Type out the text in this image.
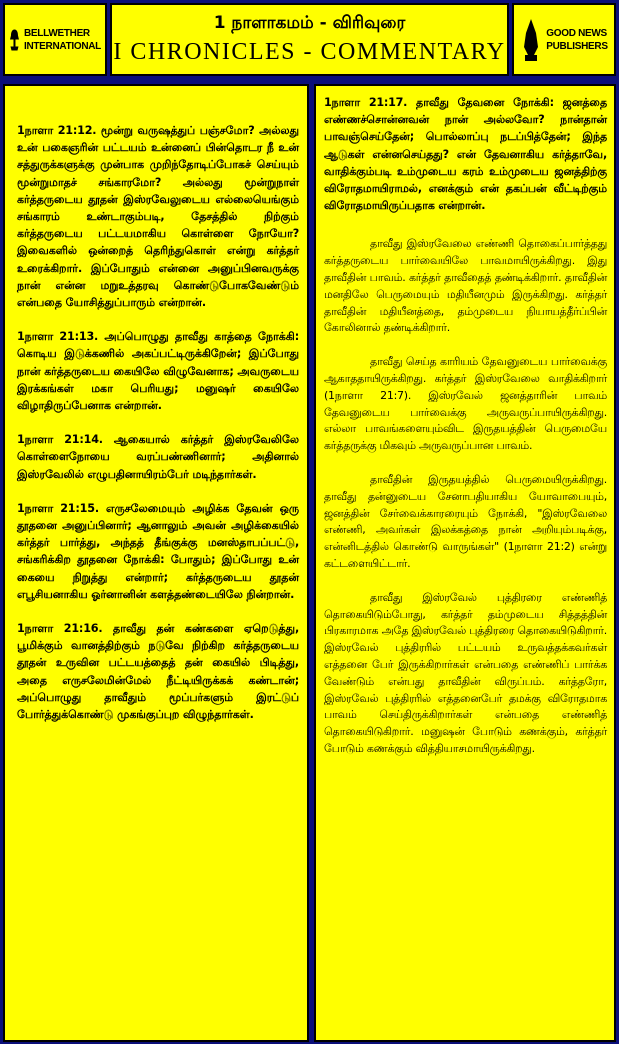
BELLWETHER
INTERNATIONAL
1 நாளாகமம் - விரிவுரை
I CHRONICLES - COMMENTARY
GOOD NEWS
PUBLISHERS

1நாளா 21:12. மூன்று வருஷத்துப் பஞ்சமோ? அல்லது உன் பகைஞரின் பட்டயம் உன்னைப் பின்தொடர நீ உன் சத்துருக்களுக்கு முன்பாக முறிந்தோடிப்போகச் செய்யும் மூன்றுமாதச் சங்காரமோ? அல்லது மூன்றுநாள் கர்த்தருடைய தூதன் இஸ்ரவேலுடைய எல்லையெங்கும் சங்காரம் உண்டாகும்படி, தேசத்தில் நிற்கும் கர்த்தருடைய பட்டயமாகிய கொள்ளை நோயோ? இவைகளில் ஒன்றைத் தெரிந்துகொள் என்று கர்த்தர் உரைக்கிறார். இப்போதும் என்னை அனுப்பினவருக்கு நான் என்ன மறுஉத்தரவு கொண்டுபோகவேண்டும் என்பதை யோசித்துப்பாரும் என்றான்.

1நாளா 21:13. அப்பொழுது தாவீது காத்தை நோக்கி: கொடிய இடுக்கணில் அகப்பட்டிருக்கிறேன்; இப்போது நான் கர்த்தருடைய கையிலே விழுவேனாக; அவருடைய இரக்கங்கள் மகா பெரியது; மனுஷர் கையிலே விழாதிருப்பேனாக என்றான்.

1நாளா 21:14. ஆகையால் கர்த்தர் இஸ்ரவேலிலே கொள்ளைநோயை வரப்பண்ணினார்; அதினால் இஸ்ரவேலில் எழுபதினாயிரம்பேர் மடிந்தார்கள்.

1நாளா 21:15. எருசலேமையும் அழிக்க தேவன் ஒரு தூதனை அனுப்பினார்; ஆனாலும் அவன் அழிக்கையில் கர்த்தர் பார்த்து, அந்தத் தீங்குக்கு மனஸ்தாபப்பட்டு, சங்கரிக்கிற தூதனை நோக்கி: போதும்; இப்போது உன் கையை நிறுத்து என்றார்; கர்த்தருடைய தூதன் எபூசியனாகிய ஓர்னானின் களத்தண்டையிலே நின்றான்.

1நாளா 21:16. தாவீது தன் கண்களை ஏறெடுத்து, பூமிக்கும் வானத்திற்கும் நடுவே நிற்கிற கர்த்தருடைய தூதன் உருவின பட்டயத்தைத் தன் கையில் பிடித்து, அதை எருசலேமின்மேல் நீட்டியிருக்கக் கண்டான்; அப்பொழுது தாவீதும் மூப்பர்களும் இரட்டுப் போர்த்துக்கொண்டு முகங்குப்புற விழுந்தார்கள்.

1நாளா 21:17. தாவீது தேவனை நோக்கி: ஜனத்தை எண்ணச்சொன்னவன் நான் அல்லவோ? நான்தான் பாவஞ்செய்தேன்; பொல்லாப்பு நடப்பித்தேன்; இந்த ஆடுகள் என்னசெய்தது? என் தேவனாகிய கர்த்தாவே, வாதிக்கும்படி உம்முடைய கரம் உம்முடைய ஜனத்திற்கு விரோதமாயிராமல், எனக்கும் என் தகப்பன் வீட்டிற்கும் விரோதமாயிருப்பதாக என்றான்.

தாவீது இஸ்ரவேலை எண்ணி தொகைப்பார்த்தது கர்த்தருடைய பார்வையிலே பாவமாயிருக்கிறது. இது தாவீதின் பாவம். கர்த்தர் தாவீதைத் தண்டிக்கிறார். தாவீதின் மனதிலே பெருமையும் மதியீனமும் இருக்கிறது. கர்த்தர் தாவீதின் மதியீனத்தை, தம்முடைய நியாயத்தீர்ப்பின் கோலினால் தண்டிக்கிறார்.

தாவீது செய்த காரியம் தேவனுடைய பார்வைக்கு ஆகாததாயிருக்கிறது. கர்த்தர் இஸ்ரவேலை வாதிக்கிறார் (1நாளா 21:7). இஸ்ரவேல் ஜனத்தாரின் பாவம் தேவனுடைய பார்வைக்கு அருவருப்பாயிருக்கிறது. எல்லா பாவங்களையும்விட இருதயத்தின் பெருமையே கர்த்தருக்கு மிகவும் அருவருப்பான பாவம்.

தாவீதின் இருதயத்தில் பெருமையிருக்கிறது. தாவீது தன்னுடைய சேனாபதியாகிய யோவாபையும், ஜனத்தின் சேர்வைக்காரரையும் நோக்கி, "இஸ்ரவேலை எண்ணி, அவர்கள் இலக்கத்தை நான் அறியும்படிக்கு, என்னிடத்தில் கொண்டு வாருங்கள்" (1நாளா 21:2) என்று கட்டளையிட்டார்.

தாவீது இஸ்ரவேல் புத்திரரை எண்ணித் தொகையிடும்போது, கர்த்தர் தம்முடைய சித்தத்தின் பிரகாரமாக அதே இஸ்ரவேல் புத்திரரை தொகையிடுகிறார். இஸ்ரவேல் புத்திரரில் பட்டயம் உருவத்தக்கவர்கள் எத்தனை பேர் இருக்கிறார்கள் என்பதை எண்ணிப் பார்க்க வேண்டும் என்பது தாவீதின் விருப்பம். கர்த்தரோ, இஸ்ரவேல் புத்திரரில் எத்தனைபேர் தமக்கு விரோதமாக பாவம் செய்திருக்கிறார்கள் என்பதை எண்ணித் தொகையிடுகிறார். மனுஷன் போடும் கணக்கும், கர்த்தர் போடும் கணக்கும் வித்தியாசமாயிருக்கிறது.
